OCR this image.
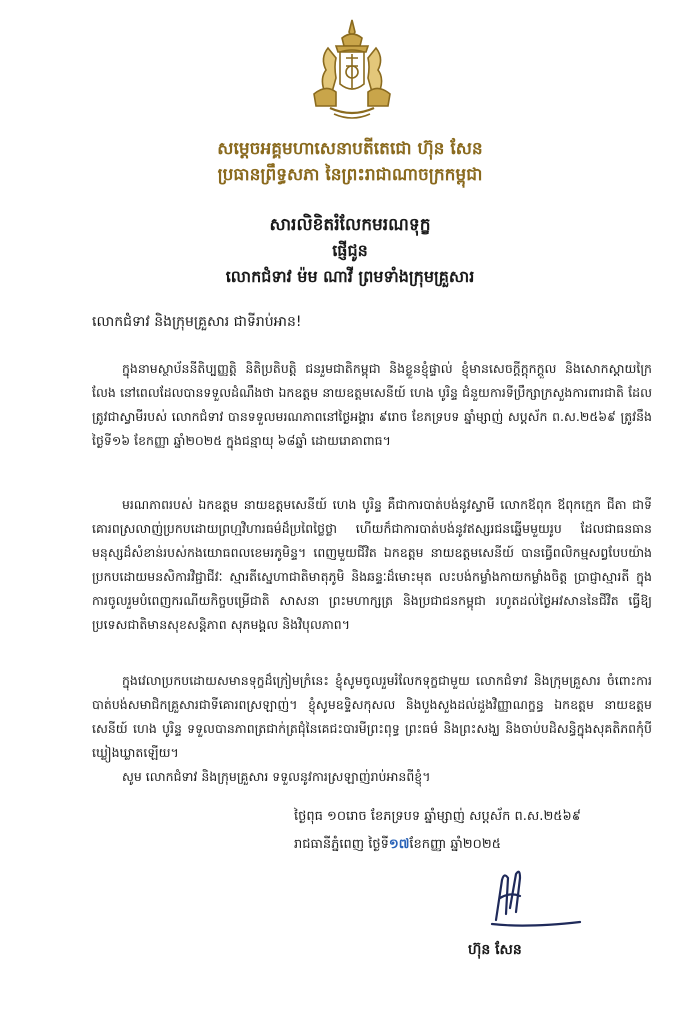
សម្តេចអគ្គមហាសេនាបតីតេជោ ហ៊ុន សែន
ប្រធានព្រឹទ្ធសភា នៃព្រះរាជាណាចក្រកម្ពុជា
សារលិខិតរំលែកមរណទុក្ខ
ផ្ញើជូន
លោកជំទាវ ម៉ម ណាវី ព្រមទាំងក្រុមគ្រួសារ
លោកជំទាវ និងក្រុមគ្រួសារ ជាទីរាប់អាន!

ក្នុងនាមស្ថាប័ននីតិប្បញ្ញត្តិ និតិប្រតិបត្តិ ជនរួមជាតិកម្ពុជា និងខ្លួនខ្ញុំផ្ទាល់ ខ្ញុំមានសេចក្តីក្តុកក្តួល និងសោកស្តាយក្រៃលែង នៅពេលដែលបានទទួលដំណឹងថា ឯកឧត្តម នាយឧត្តមសេនីយ៍ ហេង បូរិន្ទ ជំនួយការទីប្រឹក្សាក្រសួងការពារជាតិ ដែលត្រូវជាស្វាមីរបស់ លោកជំទាវ បានទទួលមរណភាពនៅថ្ងៃអង្គារ ៩រោច ខែភទ្របទ ឆ្នាំម្សាញ់ សប្តស័ក ព.ស.២៥៦៩ ត្រូវនឹងថ្ងៃទី១៦ ខែកញ្ញា ឆ្នាំ២០២៥ ក្នុងជន្មាយុ ៦៨ឆ្នាំ ដោយរោគាពាធ។

មរណភាពរបស់ ឯកឧត្តម នាយឧត្តមសេនីយ៍ ហេង បូរិន្ទ គឺជាការបាត់បង់នូវស្វាមី លោកឪពុក ឪពុកក្មេក ជីតា ជាទីគោរពស្រលាញ់ប្រកបដោយព្រហ្មវិហារធម៌ដ៏ប្រពៃថ្លៃថ្លា ហើយក៏ជាការបាត់បង់នូវឥស្សរជនឆ្នើមមួយរូប ដែលជាធនធានមនុស្សដ៏សំខាន់របស់កងយោធពលខេមរភូមិន្ទ។ ពេញមួយជីវិត ឯកឧត្តម នាយឧត្តមសេនីយ៍ បានធ្វើពលិកម្មសព្វបែបយ៉ាងប្រកបដោយមនសិការវិជ្ជាជីវៈ ស្មារតីស្នេហាជាតិមាតុភូមិ និងឆន្ទៈដ៏មោះមុត លះបង់កម្លាំងកាយកម្លាំងចិត្ត ប្រាជ្ញាស្មារតី ក្នុងការចូលរួមបំពេញករណីយកិច្ចបម្រើជាតិ សាសនា ព្រះមហាក្សត្រ និងប្រជាជនកម្ពុជា រហូតដល់ថ្ងៃអវសាននៃជីវិត ធ្វើឱ្យប្រទេសជាតិមានសុខសន្តិភាព សុភមង្គល និងវិបុលភាព។

ក្នុងវេលាប្រកបដោយសមានទុក្ខដ៏ក្រៀមក្រំនេះ ខ្ញុំសូមចូលរួមរំលែកទុក្ខជាមួយ លោកជំទាវ និងក្រុមគ្រួសារ ចំពោះការបាត់បង់សមាជិកគ្រួសារជាទីគោរពស្រឡាញ់។ ខ្ញុំសូមឧទ្ទិសកុសល និងបួងសួងដល់ដួងវិញ្ញាណក្ខន្ធ ឯកឧត្តម នាយឧត្តមសេនីយ៍ ហេង បូរិន្ទ ទទួលបានភាពត្រជាក់ត្រជុំនៃគេជះបារមីព្រះពុទ្ធ ព្រះធម៌ និងព្រះសង្ឃ និងចាប់បដិសន្ធិក្នុងសុគតិភពកុំបីឃ្លៀងឃ្លាតឡើយ។

សូម លោកជំទាវ និងក្រុមគ្រួសារ ទទួលនូវការស្រឡាញ់រាប់អានពីខ្ញុំ។

ថ្ងៃពុធ ១០រោច ខែភទ្របទ ឆ្នាំម្សាញ់ សប្តស័ក ព.ស.២៥៦៩
រាជធានីភ្នំពេញ ថ្ងៃទី១៧ខែកញ្ញា ឆ្នាំ២០២៥
ហ៊ុន សែន
